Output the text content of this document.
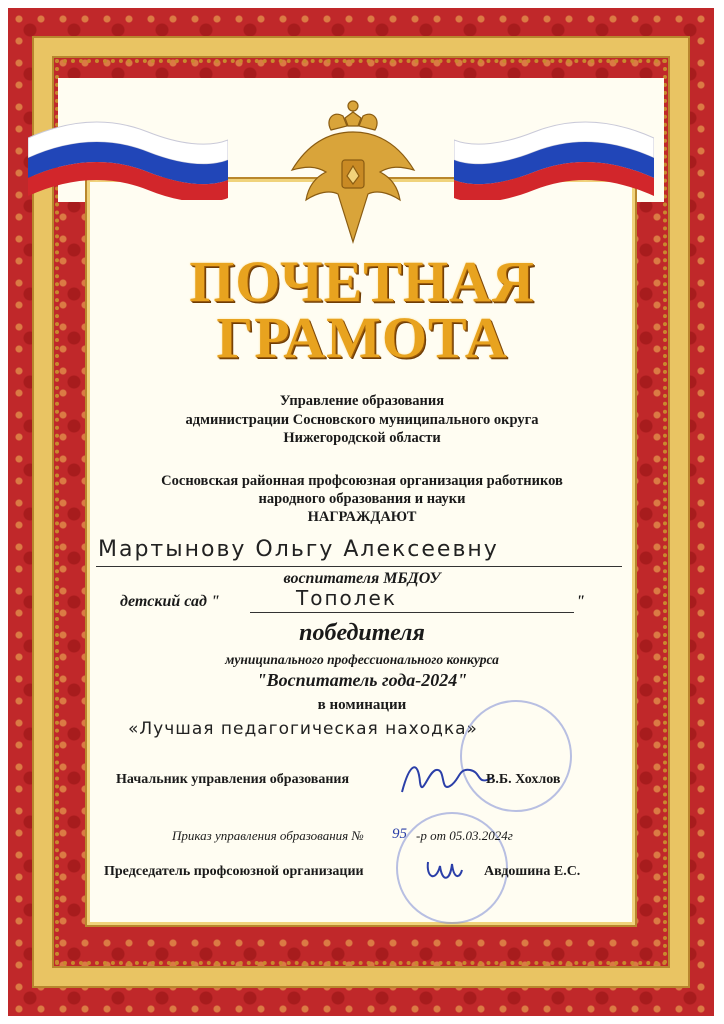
ПОЧЕТНАЯ
ГРАМОТА
Управление образования
администрации Сосновского муниципального округа
Нижегородской области
Сосновская районная профсоюзная организация работников
народного образования и науки
НАГРАЖДАЮТ
Мартынову Ольгу Алексеевну
воспитателя МБДОУ
детский сад "	Тополек	"
победителя
муниципального профессионального конкурса
"Воспитатель года-2024"
в номинации
«Лучшая педагогическая находка»
Начальник управления образования	В.Б. Хохлов
Приказ управления образования №	95 -р от 05.03.2024г
Председатель профсоюзной организации	Авдошина Е.С.
